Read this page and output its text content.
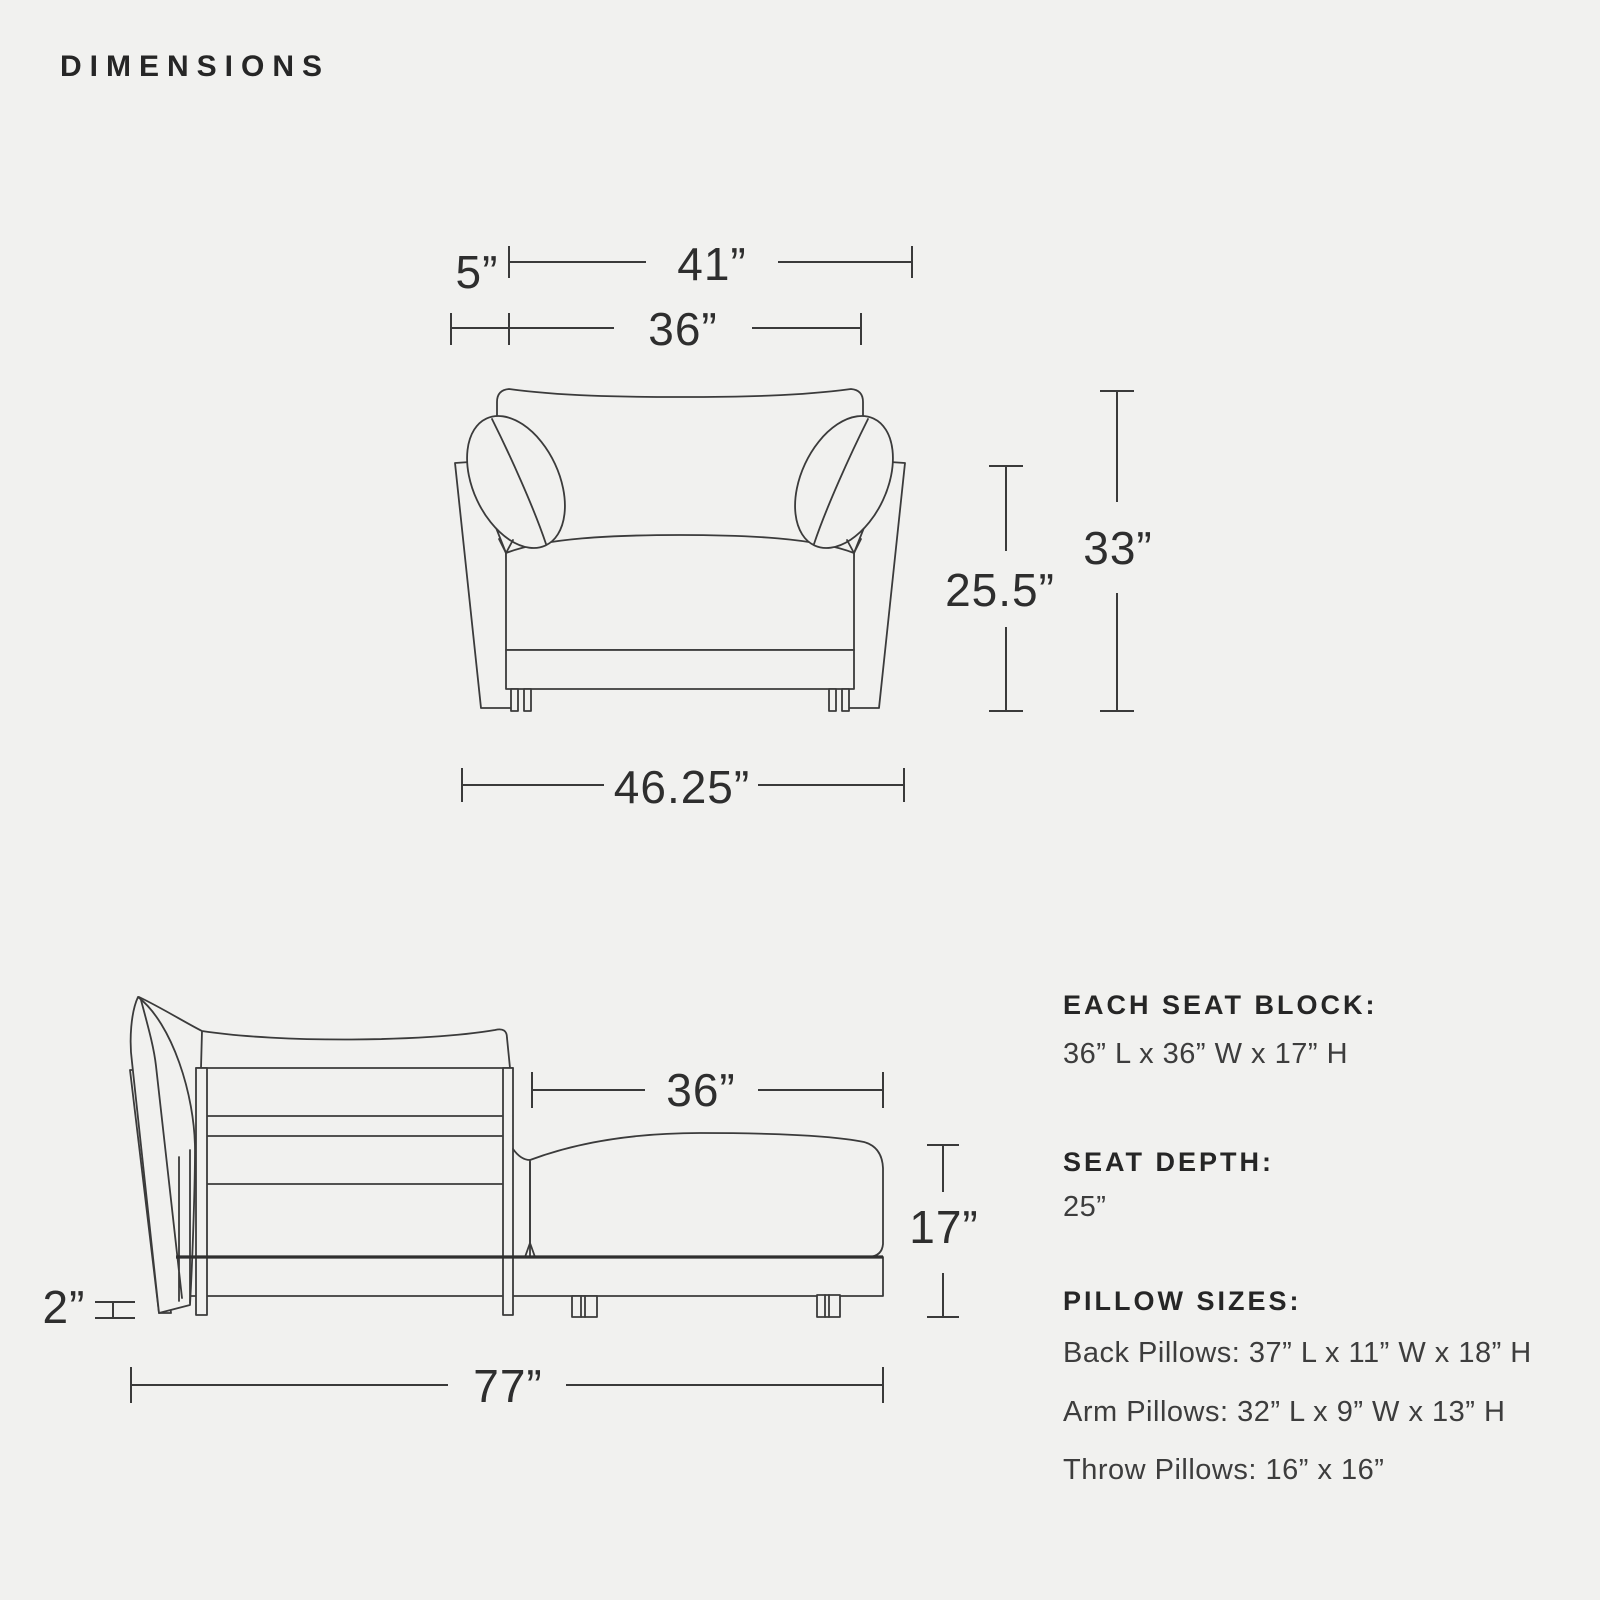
DIMENSIONS
5”	41”
36”
25.5”
33”
46.25”
36”
17”
2”
77”
EACH SEAT BLOCK:
36” L x 36” W x 17” H
SEAT DEPTH:
25”
PILLOW SIZES:
Back Pillows: 37” L x 11” W x 18” H
Arm Pillows: 32” L x 9” W x 13” H
Throw Pillows: 16” x 16”
